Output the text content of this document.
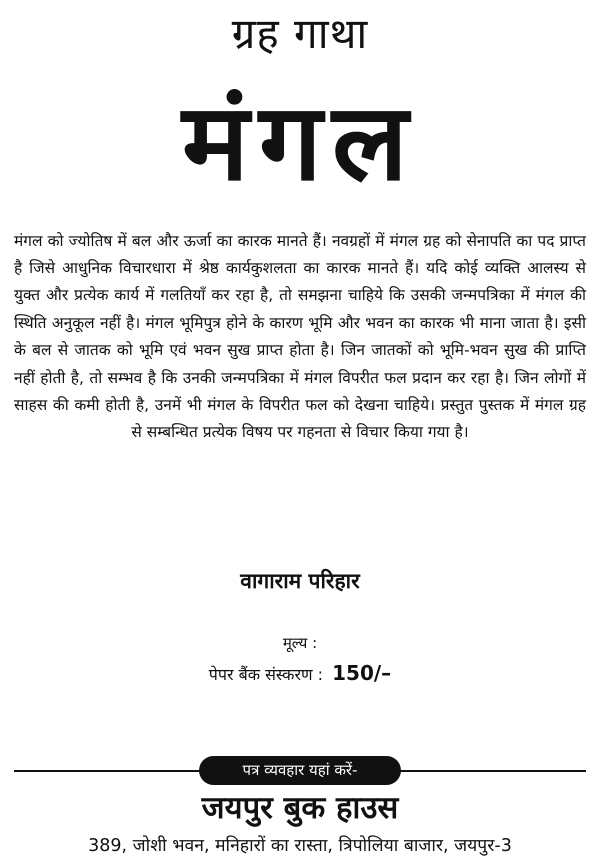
ग्रह गाथा
मंगल

मंगल को ज्योतिष में बल और ऊर्जा का कारक मानते हैं। नवग्रहों में मंगल ग्रह को सेनापति का पद प्राप्त है जिसे आधुनिक विचारधारा में श्रेष्ठ कार्यकुशलता का कारक मानते हैं। यदि कोई व्यक्ति आलस्य से युक्त और प्रत्येक कार्य में गलतियाँ कर रहा है, तो समझना चाहिये कि उसकी जन्मपत्रिका में मंगल की स्थिति अनुकूल नहीं है। मंगल भूमिपुत्र होने के कारण भूमि और भवन का कारक भी माना जाता है। इसी के बल से जातक को भूमि एवं भवन सुख प्राप्त होता है। जिन जातकों को भूमि-भवन सुख की प्राप्ति नहीं होती है, तो सम्भव है कि उनकी जन्मपत्रिका में मंगल विपरीत फल प्रदान कर रहा है। जिन लोगों में साहस की कमी होती है, उनमें भी मंगल के विपरीत फल को देखना चाहिये। प्रस्तुत पुस्तक में मंगल ग्रह से सम्बन्धित प्रत्येक विषय पर गहनता से विचार किया गया है।

वागाराम परिहार
मूल्य :
पेपर बैंक संस्करण : 150/–
पत्र व्यवहार यहां करें-
जयपुर बुक हाउस
389, जोशी भवन, मनिहारों का रास्ता, त्रिपोलिया बाजार, जयपुर-3
